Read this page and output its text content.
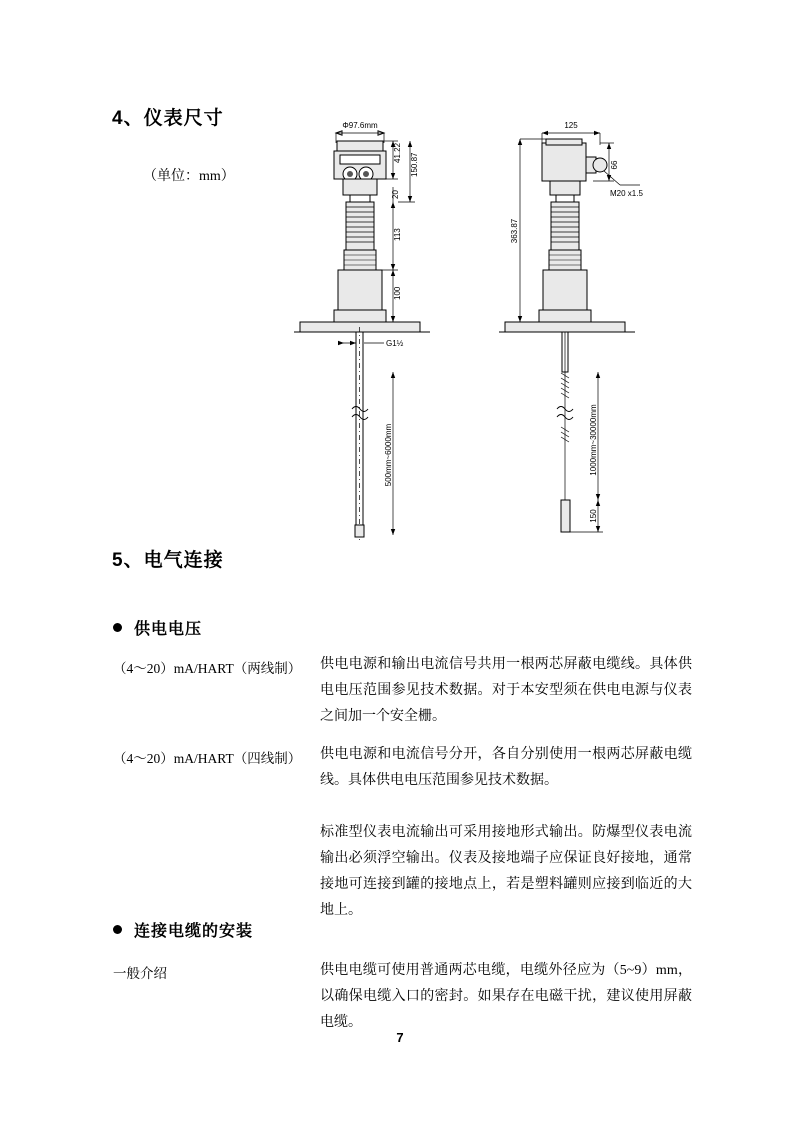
4、仪表尺寸
（单位：mm）
G1½
41.22 150.87
20
113
100
500mm~6000mm
Φ97.6mm	125
66
M20 x1.5
363.87
1000mm~30000mm
150
5、电气连接
供电电压
（4～20）mA/HART（两线制） 供电电源和输出电流信号共用一根两芯屏蔽电缆线。具体供电电压范围参见技术数据。对于本安型须在供电电源与仪表之间加一个安全栅。
（4～20）mA/HART（四线制） 供电电源和电流信号分开，各自分别使用一根两芯屏蔽电缆线。具体供电电压范围参见技术数据。
标准型仪表电流输出可采用接地形式输出。防爆型仪表电流输出必须浮空输出。仪表及接地端子应保证良好接地，通常接地可连接到罐的接地点上，若是塑料罐则应接到临近的大地上。
连接电缆的安装
一般介绍	供电电缆可使用普通两芯电缆，电缆外径应为（5~9）mm，以确保电缆入口的密封。如果存在电磁干扰，建议使用屏蔽电缆。
7
